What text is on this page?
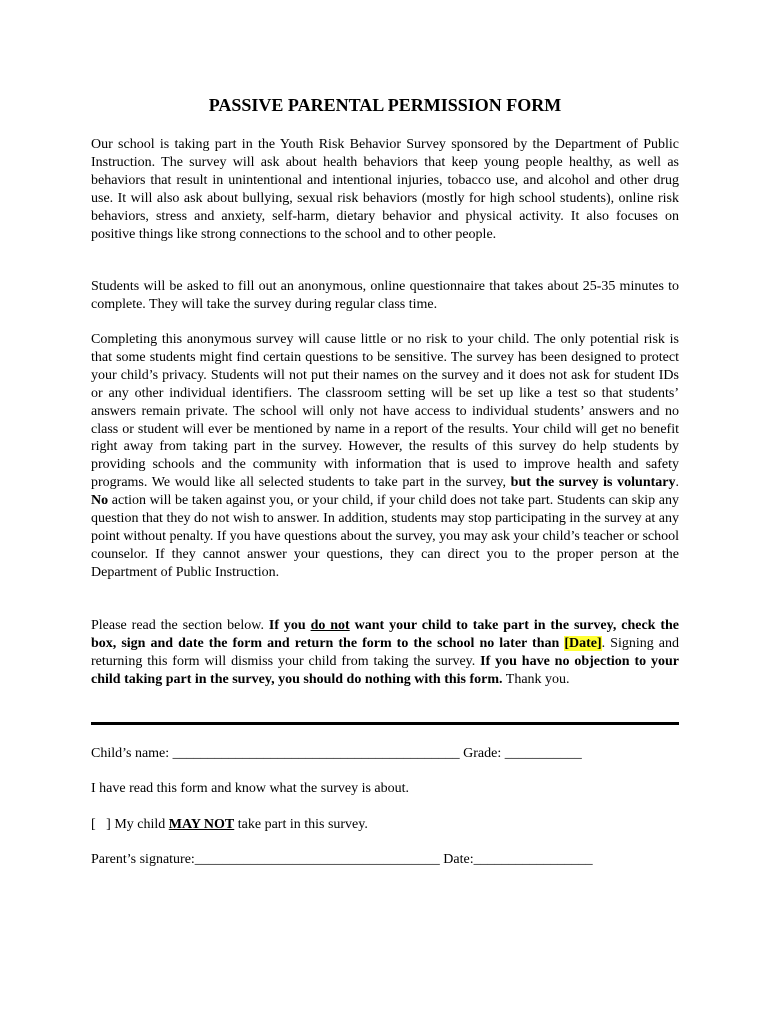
PASSIVE PARENTAL PERMISSION FORM

Our school is taking part in the Youth Risk Behavior Survey sponsored by the Department of Public Instruction. The survey will ask about health behaviors that keep young people healthy, as well as behaviors that result in unintentional and intentional injuries, tobacco use, and alcohol and other drug use. It will also ask about bullying, sexual risk behaviors (mostly for high school students), online risk behaviors, stress and anxiety, self-harm, dietary behavior and physical activity. It also focuses on positive things like strong connections to the school and to other people.

Students will be asked to fill out an anonymous, online questionnaire that takes about 25-35 minutes to complete. They will take the survey during regular class time.

Completing this anonymous survey will cause little or no risk to your child. The only potential risk is that some students might find certain questions to be sensitive. The survey has been designed to protect your child’s privacy. Students will not put their names on the survey and it does not ask for student IDs or any other individual identifiers. The classroom setting will be set up like a test so that students’ answers remain private. The school will only not have access to individual students’ answers and no class or student will ever be mentioned by name in a report of the results. Your child will get no benefit right away from taking part in the survey. However, the results of this survey do help students by providing schools and the community with information that is used to improve health and safety programs. We would like all selected students to take part in the survey, but the survey is voluntary. No action will be taken against you, or your child, if your child does not take part. Students can skip any question that they do not wish to answer. In addition, students may stop participating in the survey at any point without penalty. If you have questions about the survey, you may ask your child’s teacher or school counselor. If they cannot answer your questions, they can direct you to the proper person at the Department of Public Instruction.

Please read the section below. If you do not want your child to take part in the survey, check the box, sign and date the form and return the form to the school no later than [Date]. Signing and returning this form will dismiss your child from taking the survey. If you have no objection to your child taking part in the survey, you should do nothing with this form. Thank you.

Child’s name: _________________________________________ Grade: ___________
I have read this form and know what the survey is about.
[   ] My child MAY NOT take part in this survey.
Parent’s signature:___________________________________ Date:_________________
